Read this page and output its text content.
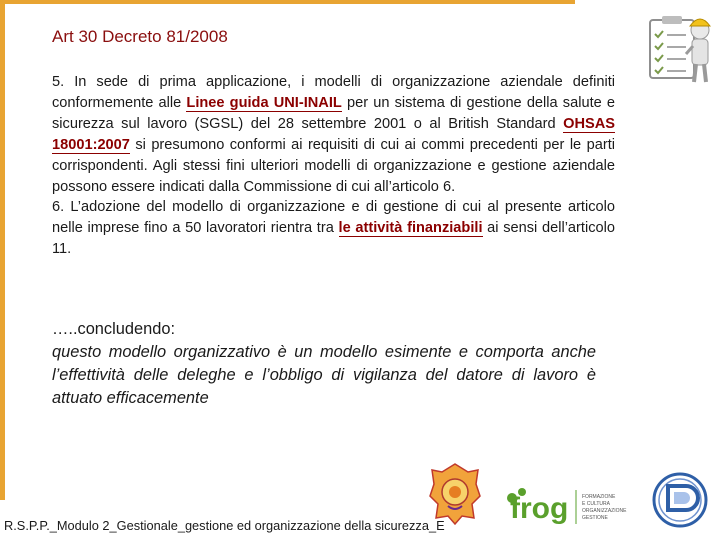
Art 30 Decreto 81/2008

5. In sede di prima applicazione, i modelli di organizzazione aziendale definiti conformemente alle Linee guida UNI-INAIL per un sistema di gestione della salute e sicurezza sul lavoro (SGSL) del 28 settembre 2001 o al British Standard OHSAS 18001:2007 si presumono conformi ai requisiti di cui ai commi precedenti per le parti corrispondenti. Agli stessi fini ulteriori modelli di organizzazione e gestione aziendale possono essere indicati dalla Commissione di cui all’articolo 6.

6. L’adozione del modello di organizzazione e di gestione di cui al presente articolo nelle imprese fino a 50 lavoratori rientra tra le attività finanziabili ai sensi dell’articolo 11.

…..concludendo:

questo modello organizzativo è un modello esimente e comporta anche l’effettività delle deleghe e l’obbligo di vigilanza del datore di lavoro è attuato efficacemente

frog	FORMAZIONE
E CULTURA
ORGANIZZAZIONE
GESTIONE
R.S.P.P._Modulo 2_Gestionale_gestione ed organizzazione della sicurezza_E
